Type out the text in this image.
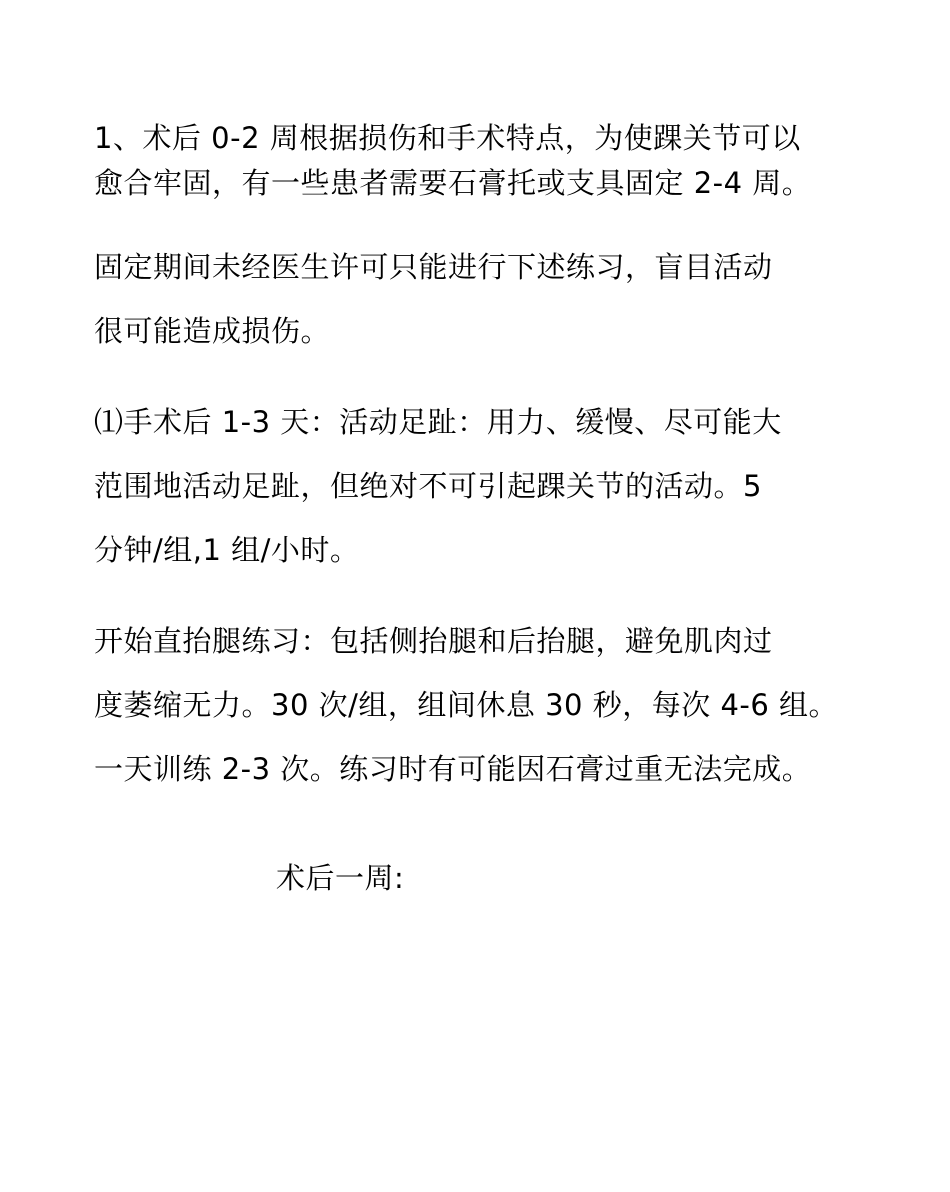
1、术后 0-2 周根据损伤和手术特点，为使踝关节可以
愈合牢固，有一些患者需要石膏托或支具固定 2-4 周。
固定期间未经医生许可只能进行下述练习，盲目活动
很可能造成损伤。
⑴手术后 1-3 天：活动足趾：用力、缓慢、尽可能大
范围地活动足趾，但绝对不可引起踝关节的活动。5
分钟/组,1 组/小时。
开始直抬腿练习：包括侧抬腿和后抬腿，避免肌肉过
度萎缩无力。30 次/组，组间休息 30 秒，每次 4-6 组。
一天训练 2-3 次。练习时有可能因石膏过重无法完成。
术后一周:
